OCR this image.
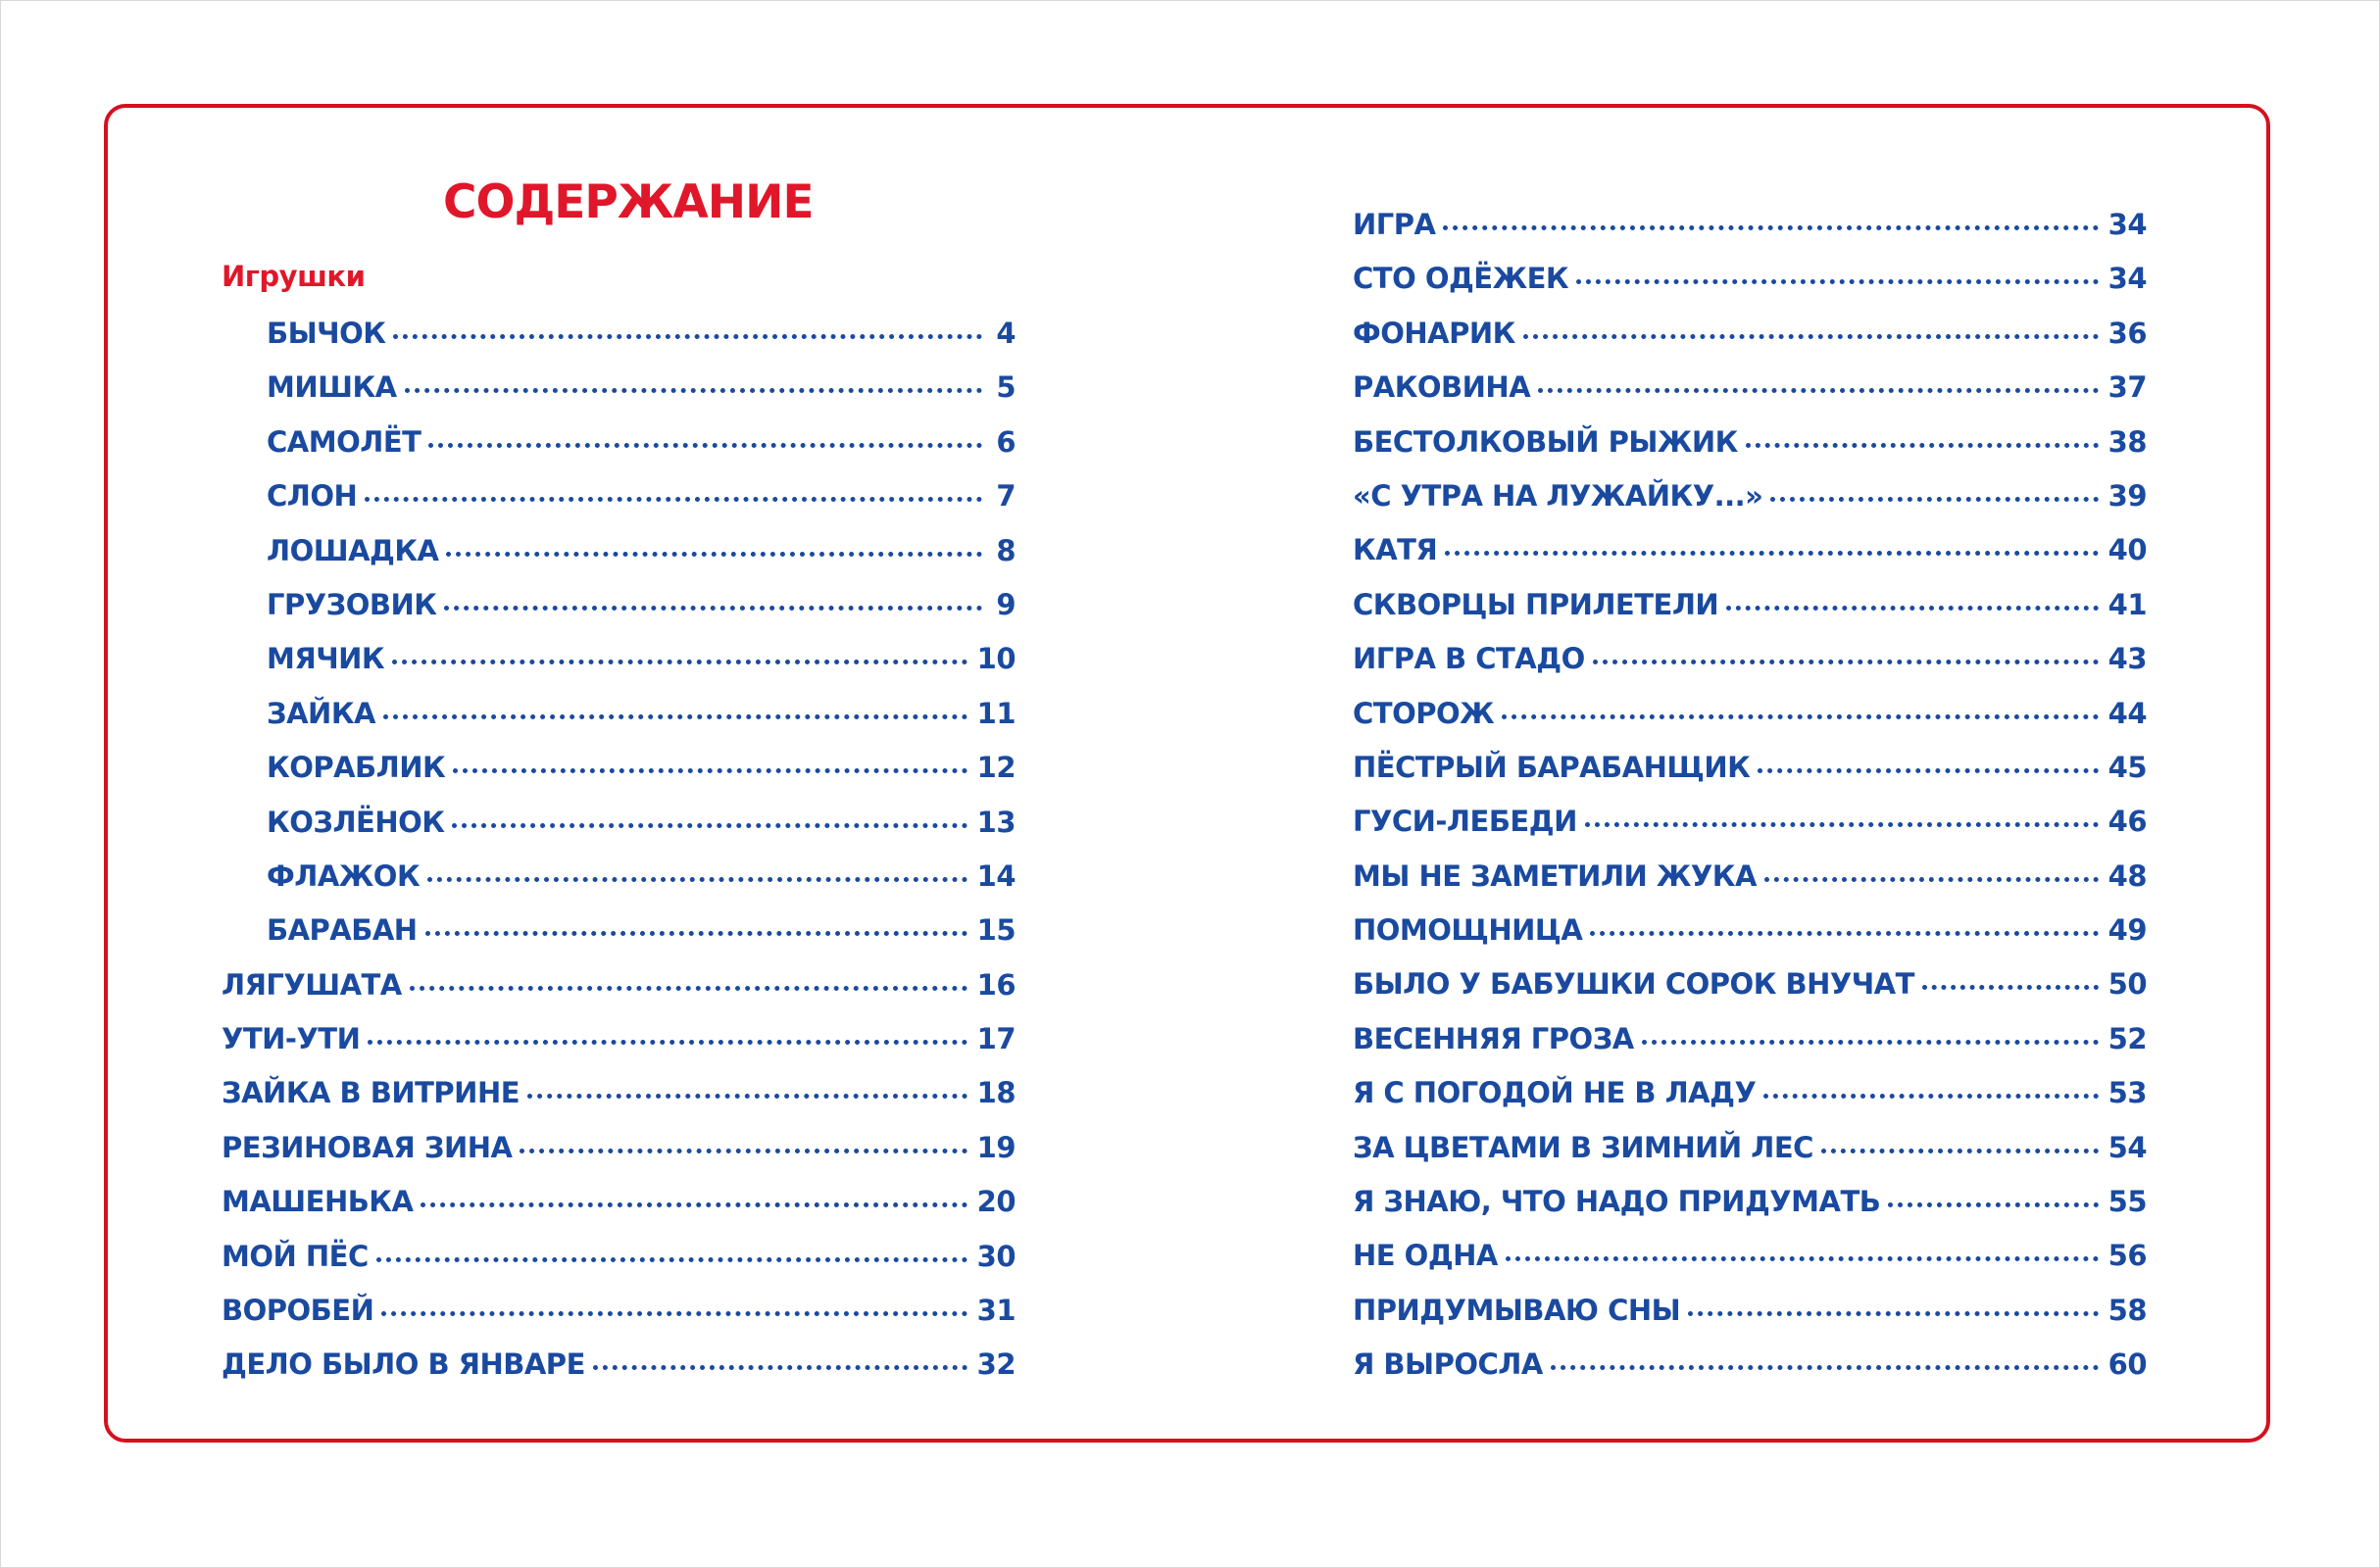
СОДЕРЖАНИЕ
Игрушки
БЫЧОК	4
МИШКА	5
САМОЛЁТ	6
СЛОН	7
ЛОШАДКА	8
ГРУЗОВИК	9
МЯЧИК	10
ЗАЙКА	11
КОРАБЛИК	12
КОЗЛЁНОК	13
ФЛАЖОК	14
БАРАБАН	15
ЛЯГУШАТА	16
УТИ-УТИ	17
ЗАЙКА В ВИТРИНЕ	18
РЕЗИНОВАЯ ЗИНА	19
МАШЕНЬКА	20
МОЙ ПЁС	30
ВОРОБЕЙ	31
ДЕЛО БЫЛО В ЯНВАРЕ	32
ИГРА	34
СТО ОДЁЖЕК	34
ФОНАРИК	36
РАКОВИНА	37
БЕСТОЛКОВЫЙ РЫЖИК	38
«С УТРА НА ЛУЖАЙКУ...»	39
КАТЯ	40
СКВОРЦЫ ПРИЛЕТЕЛИ	41
ИГРА В СТАДО	43
СТОРОЖ	44
ПЁСТРЫЙ БАРАБАНЩИК	45
ГУСИ-ЛЕБЕДИ	46
МЫ НЕ ЗАМЕТИЛИ ЖУКА	48
ПОМОЩНИЦА	49
БЫЛО У БАБУШКИ СОРОК ВНУЧАТ	50
ВЕСЕННЯЯ ГРОЗА	52
Я С ПОГОДОЙ НЕ В ЛАДУ	53
ЗА ЦВЕТАМИ В ЗИМНИЙ ЛЕС	54
Я ЗНАЮ, ЧТО НАДО ПРИДУМАТЬ	55
НЕ ОДНА	56
ПРИДУМЫВАЮ СНЫ	58
Я ВЫРОСЛА	60
